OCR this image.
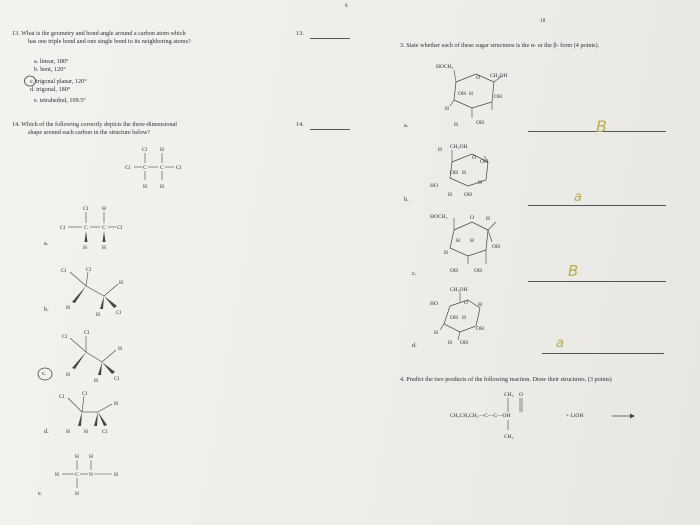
8
18
13. What is the geometry and bond angle around a carbon atom which
has one triple bond and one single bond to its neighboring atoms?
13.
a. linear, 180°
b. bent, 120°
c. trigonal planar, 120°
d. trigonal, 180°
e. tetrahedral, 109.5°
14. Which of the following correctly depicts the three-dimensional
shape around each carbon in the structure below?
14.
Cl C C Cl
Cl H
H H
a.
Cl	C	C Cl
Cl	H
H	H
b.
Cl	Cl
H
H
H	Cl
c.
Cl
Cl
H
H
H	Cl
d.
Cl	Cl
H
H	H	Cl
e.
H	C N	H
H H
H
3. State whether each of these sugar structures is the α- or the β- form (4 points).
a.
HOCH₂
O CH₂OH
OH
OH H
H
H	OH	B
b.
H CH₂OH
O
OH
OH H
H
HO
H OH	a
c.
HOCH₂	O H
OH
H H
H
OH	OH	B
d.
CH₂OH
HO	O H
OH H
OH
H
H OH	a
4. Predict the two products of the following reaction. Draw their structures. (3 points)
CH₃ O
CH₃CH₂CH₂—C—C—OH
CH₃
+ LiOH
